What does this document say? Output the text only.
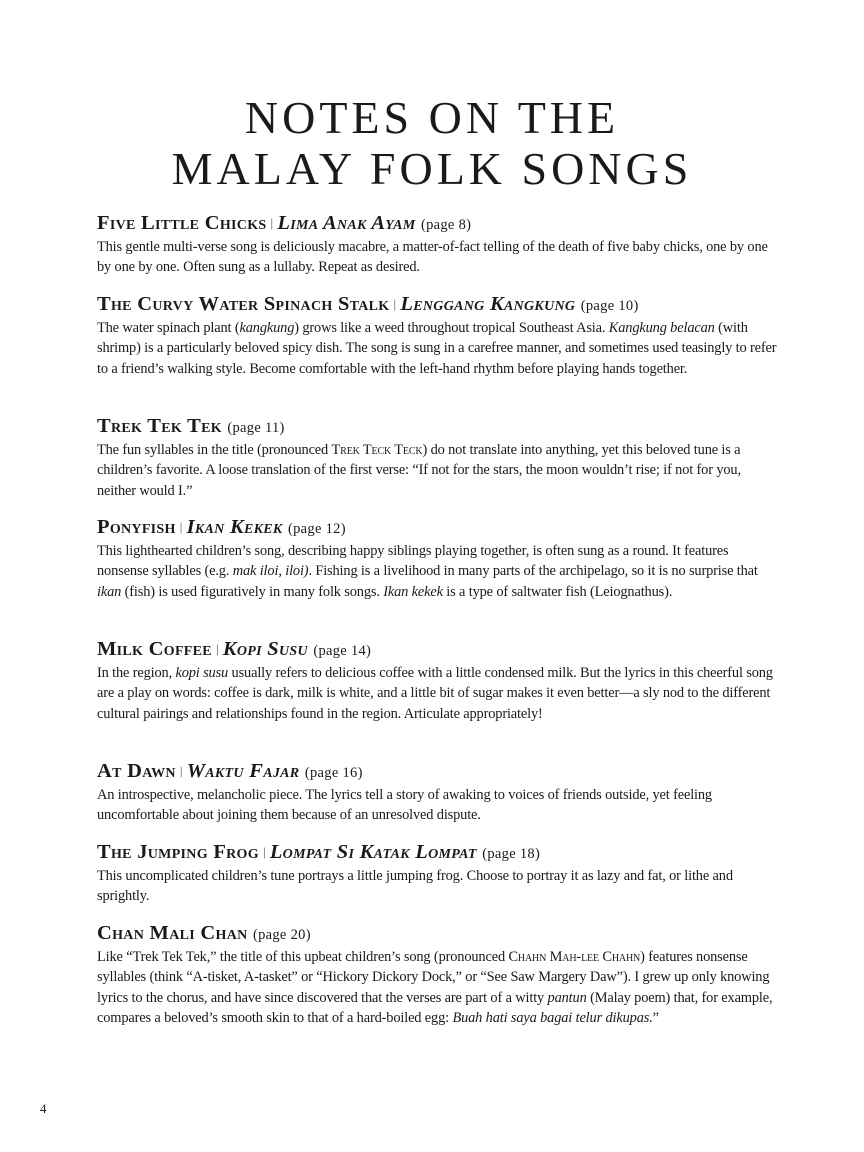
NOTES ON THE
MALAY FOLK SONGS
Five Little Chicks | Lima Anak Ayam (page 8)

This gentle multi-verse song is deliciously macabre, a matter-of-fact telling of the death of five baby chicks, one by one by one by one. Often sung as a lullaby. Repeat as desired.

The Curvy Water Spinach Stalk | Lenggang Kangkung (page 10)

The water spinach plant (kangkung) grows like a weed throughout tropical Southeast Asia. Kangkung belacan (with shrimp) is a particularly beloved spicy dish. The song is sung in a carefree manner, and sometimes used teasingly to refer to a friend’s walking style. Become comfortable with the left-hand rhythm before playing hands together.

Trek Tek Tek (page 11)

The fun syllables in the title (pronounced Trek Teck Teck) do not translate into anything, yet this beloved tune is a children’s favorite. A loose translation of the first verse: “If not for the stars, the moon wouldn’t rise; if not for you, neither would I.”

Ponyfish | Ikan Kekek (page 12)

This lighthearted children’s song, describing happy siblings playing together, is often sung as a round. It features nonsense syllables (e.g. mak iloi, iloi). Fishing is a livelihood in many parts of the archipelago, so it is no surprise that ikan (fish) is used figuratively in many folk songs. Ikan kekek is a type of saltwater fish (Leiognathus).

Milk Coffee | Kopi Susu (page 14)

In the region, kopi susu usually refers to delicious coffee with a little condensed milk. But the lyrics in this cheerful song are a play on words: coffee is dark, milk is white, and a little bit of sugar makes it even better—a sly nod to the different cultural pairings and relationships found in the region. Articulate appropriately!

At Dawn | Waktu Fajar (page 16)

An introspective, melancholic piece. The lyrics tell a story of awaking to voices of friends outside, yet feeling uncomfortable about joining them because of an unresolved dispute.

The Jumping Frog | Lompat Si Katak Lompat (page 18)

This uncomplicated children’s tune portrays a little jumping frog. Choose to portray it as lazy and fat, or lithe and sprightly.

Chan Mali Chan (page 20)

Like “Trek Tek Tek,” the title of this upbeat children’s song (pronounced Chahn Mah-lee Chahn) features nonsense syllables (think “A-tisket, A-tasket” or “Hickory Dickory Dock,” or “See Saw Margery Daw”). I grew up only knowing lyrics to the chorus, and have since discovered that the verses are part of a witty pantun (Malay poem) that, for example, compares a beloved’s smooth skin to that of a hard-boiled egg: Buah hati saya bagai telur dikupas.”

4
